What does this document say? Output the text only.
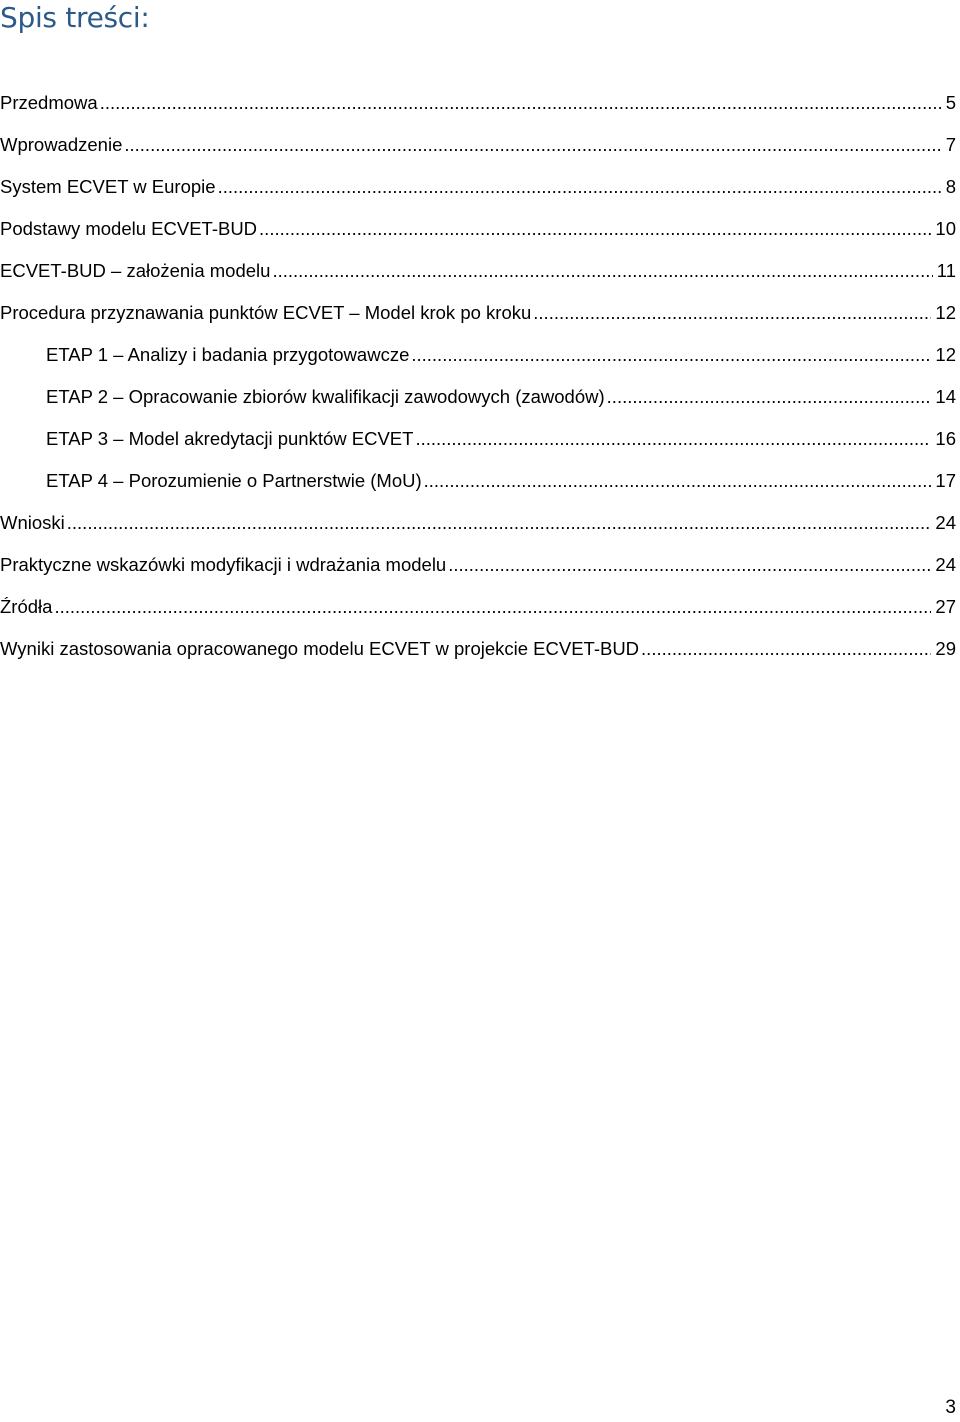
Spis treści:
Przedmowa .....	5
Wprowadzenie .....	7
System ECVET w Europie .....	8
Podstawy modelu ECVET-BUD .....	10
ECVET-BUD – założenia modelu .....	11
Procedura przyznawania punktów ECVET – Model krok po kroku .....	12
ETAP 1 – Analizy i badania przygotowawcze .....	12
ETAP 2 – Opracowanie zbiorów kwalifikacji zawodowych (zawodów) .....	14
ETAP 3 – Model akredytacji punktów ECVET .....	16
ETAP 4 – Porozumienie o Partnerstwie (MoU) .....	17
Wnioski .....	24
Praktyczne wskazówki modyfikacji i wdrażania modelu .....	24
Źródła .....	27
Wyniki zastosowania opracowanego modelu ECVET w projekcie ECVET-BUD .....	29
3
